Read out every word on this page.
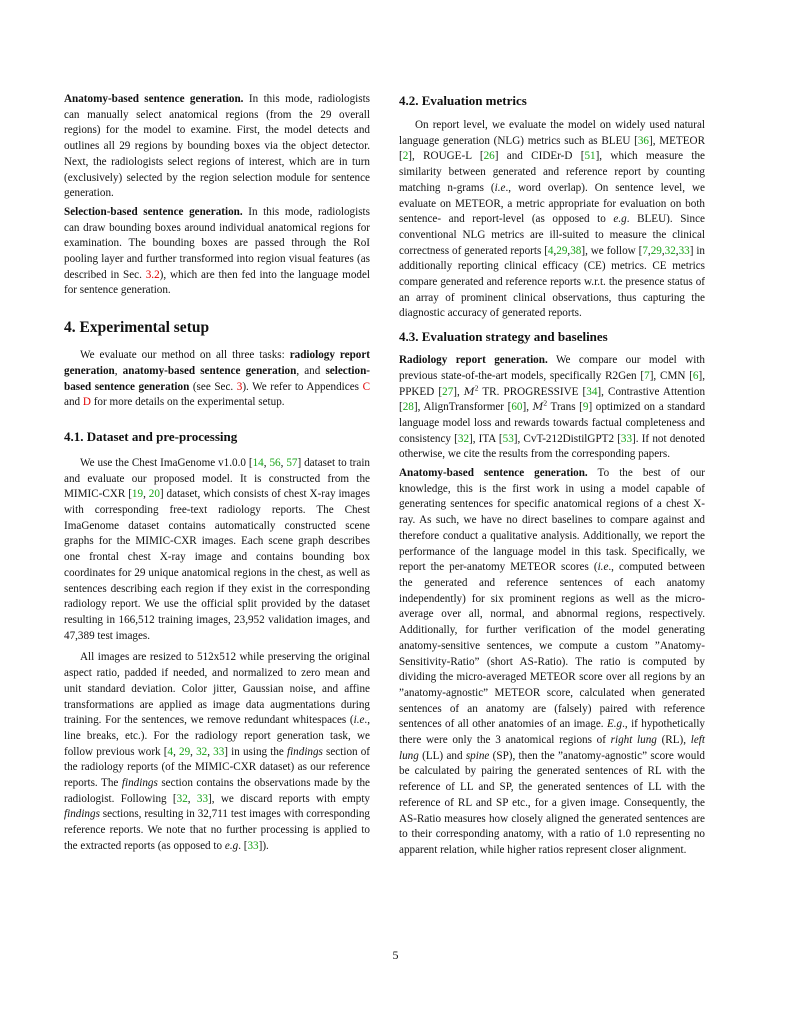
Anatomy-based sentence generation. In this mode, radiologists can manually select anatomical regions (from the 29 overall regions) for the model to examine. First, the model detects and outlines all 29 regions by bounding boxes via the object detector. Next, the radiologists select regions of interest, which are in turn (exclusively) selected by the region selection module for sentence generation.

Selection-based sentence generation. In this mode, radiologists can draw bounding boxes around individual anatomical regions for examination. The bounding boxes are passed through the RoI pooling layer and further transformed into region visual features (as described in Sec. 3.2), which are then fed into the language model for sentence generation.

4. Experimental setup

We evaluate our method on all three tasks: radiology report generation, anatomy-based sentence generation, and selection-based sentence generation (see Sec. 3). We refer to Appendices C and D for more details on the experimental setup.

4.1. Dataset and pre-processing

We use the Chest ImaGenome v1.0.0 [14, 56, 57] dataset to train and evaluate our proposed model. It is constructed from the MIMIC-CXR [19, 20] dataset, which consists of chest X-ray images with corresponding free-text radiology reports. The Chest ImaGenome dataset contains automatically constructed scene graphs for the MIMIC-CXR images. Each scene graph describes one frontal chest X-ray image and contains bounding box coordinates for 29 unique anatomical regions in the chest, as well as sentences describing each region if they exist in the corresponding radiology report. We use the official split provided by the dataset resulting in 166,512 training images, 23,952 validation images, and 47,389 test images.

All images are resized to 512x512 while preserving the original aspect ratio, padded if needed, and normalized to zero mean and unit standard deviation. Color jitter, Gaussian noise, and affine transformations are applied as image data augmentations during training. For the sentences, we remove redundant whitespaces (i.e., line breaks, etc.). For the radiology report generation task, we follow previous work [4, 29, 32, 33] in using the findings section of the radiology reports (of the MIMIC-CXR dataset) as our reference reports. The findings section contains the observations made by the radiologist. Following [32, 33], we discard reports with empty findings sections, resulting in 32,711 test images with corresponding reference reports. We note that no further processing is applied to the extracted reports (as opposed to e.g. [33]).

4.2. Evaluation metrics

On report level, we evaluate the model on widely used natural language generation (NLG) metrics such as BLEU [36], METEOR [2], ROUGE-L [26] and CIDEr-D [51], which measure the similarity between generated and reference report by counting matching n-grams (i.e., word overlap). On sentence level, we evaluate on METEOR, a metric appropriate for evaluation on both sentence- and report-level (as opposed to e.g. BLEU). Since conventional NLG metrics are ill-suited to measure the clinical correctness of generated reports [4,29,38], we follow [7,29,32,33] in additionally reporting clinical efficacy (CE) metrics. CE metrics compare generated and reference reports w.r.t. the presence status of an array of prominent clinical observations, thus capturing the diagnostic accuracy of generated reports.

4.3. Evaluation strategy and baselines

Radiology report generation. We compare our model with previous state-of-the-art models, specifically R2Gen [7], CMN [6], PPKED [27], $M^2$ TR. PROGRESSIVE [34], Contrastive Attention [28], AlignTransformer [60], $M^2$ Trans [9] optimized on a standard language model loss and rewards towards factual completeness and consistency [32], ITA [53], CvT-212DistilGPT2 [33]. If not denoted otherwise, we cite the results from the corresponding papers.

Anatomy-based sentence generation. To the best of our knowledge, this is the first work in using a model capable of generating sentences for specific anatomical regions of a chest X-ray. As such, we have no direct baselines to compare against and therefore conduct a qualitative analysis. Additionally, we report the performance of the language model in this task. Specifically, we report the per-anatomy METEOR scores (i.e., computed between the generated and reference sentences of each anatomy independently) for six prominent regions as well as the micro-average over all, normal, and abnormal regions, respectively. Additionally, for further verification of the model generating anatomy-sensitive sentences, we compute a custom ”Anatomy-Sensitivity-Ratio” (short AS-Ratio). The ratio is computed by dividing the micro-averaged METEOR score over all regions by an ”anatomy-agnostic” METEOR score, calculated when generated sentences of an anatomy are (falsely) paired with reference sentences of all other anatomies of an image. E.g., if hypothetically there were only the 3 anatomical regions of right lung (RL), left lung (LL) and spine (SP), then the ”anatomy-agnostic” score would be calculated by pairing the generated sentences of RL with the reference of LL and SP, the generated sentences of LL with the reference of RL and SP etc., for a given image. Consequently, the AS-Ratio measures how closely aligned the generated sentences are to their corresponding anatomy, with a ratio of 1.0 representing no apparent relation, while higher ratios represent closer alignment.

5
